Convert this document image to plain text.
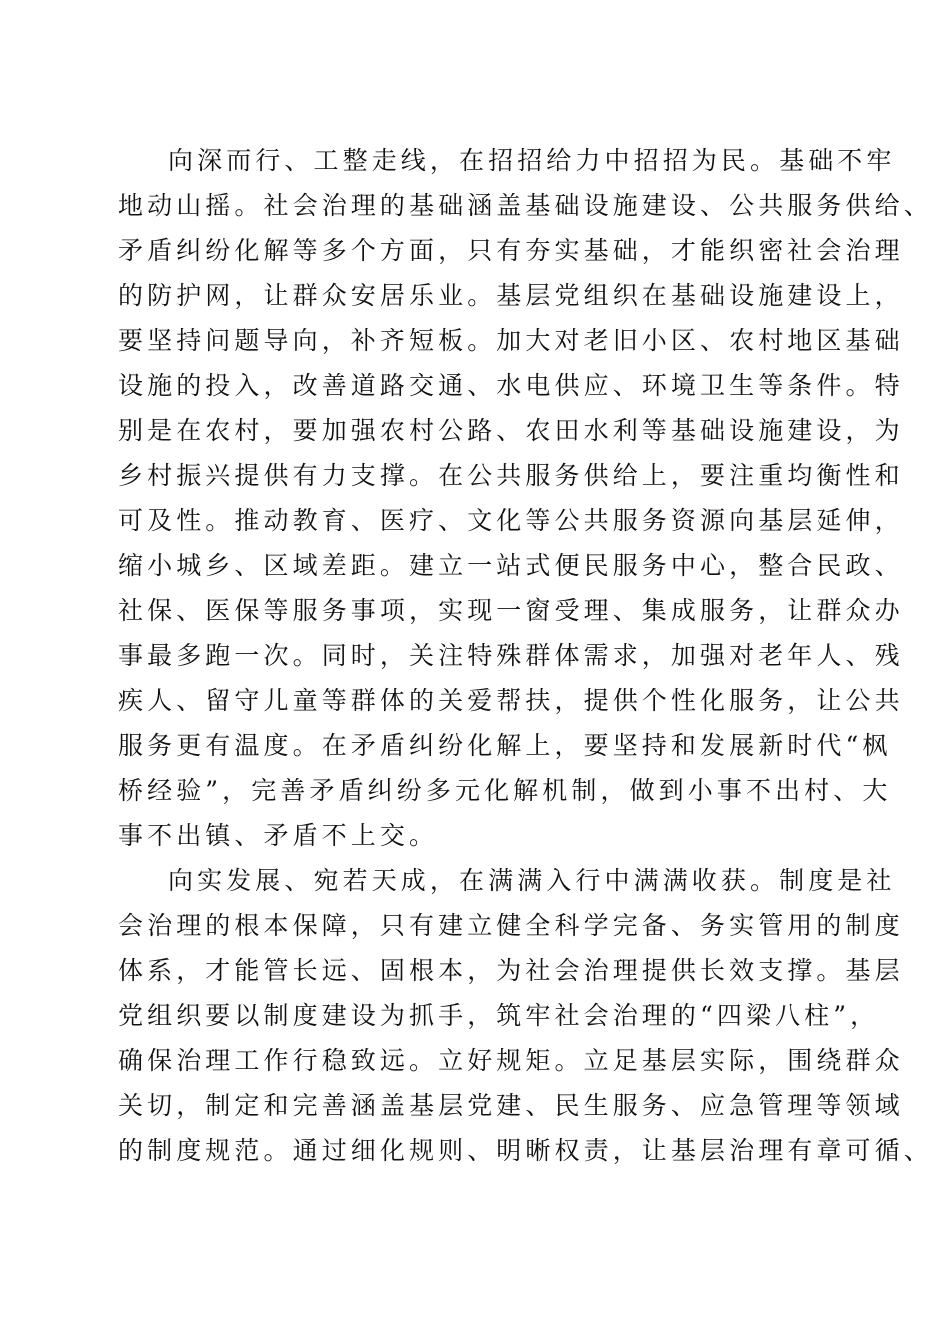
向深而行、工整走线，在招招给力中招招为民。基础不牢
地动山摇。社会治理的基础涵盖基础设施建设、公共服务供给、
矛盾纠纷化解等多个方面，只有夯实基础，才能织密社会治理
的防护网，让群众安居乐业。基层党组织在基础设施建设上，
要坚持问题导向，补齐短板。加大对老旧小区、农村地区基础
设施的投入，改善道路交通、水电供应、环境卫生等条件。特
别是在农村，要加强农村公路、农田水利等基础设施建设，为
乡村振兴提供有力支撑。在公共服务供给上，要注重均衡性和
可及性。推动教育、医疗、文化等公共服务资源向基层延伸，
缩小城乡、区域差距。建立一站式便民服务中心，整合民政、
社保、医保等服务事项，实现一窗受理、集成服务，让群众办
事最多跑一次。同时，关注特殊群体需求，加强对老年人、残
疾人、留守儿童等群体的关爱帮扶，提供个性化服务，让公共
服务更有温度。在矛盾纠纷化解上，要坚持和发展新时代“枫
桥经验”，完善矛盾纠纷多元化解机制，做到小事不出村、大
事不出镇、矛盾不上交。
向实发展、宛若天成，在满满入行中满满收获。制度是社
会治理的根本保障，只有建立健全科学完备、务实管用的制度
体系，才能管长远、固根本，为社会治理提供长效支撑。基层
党组织要以制度建设为抓手，筑牢社会治理的“四梁八柱”，
确保治理工作行稳致远。立好规矩。立足基层实际，围绕群众
关切，制定和完善涵盖基层党建、民生服务、应急管理等领域
的制度规范。通过细化规则、明晰权责，让基层治理有章可循、
